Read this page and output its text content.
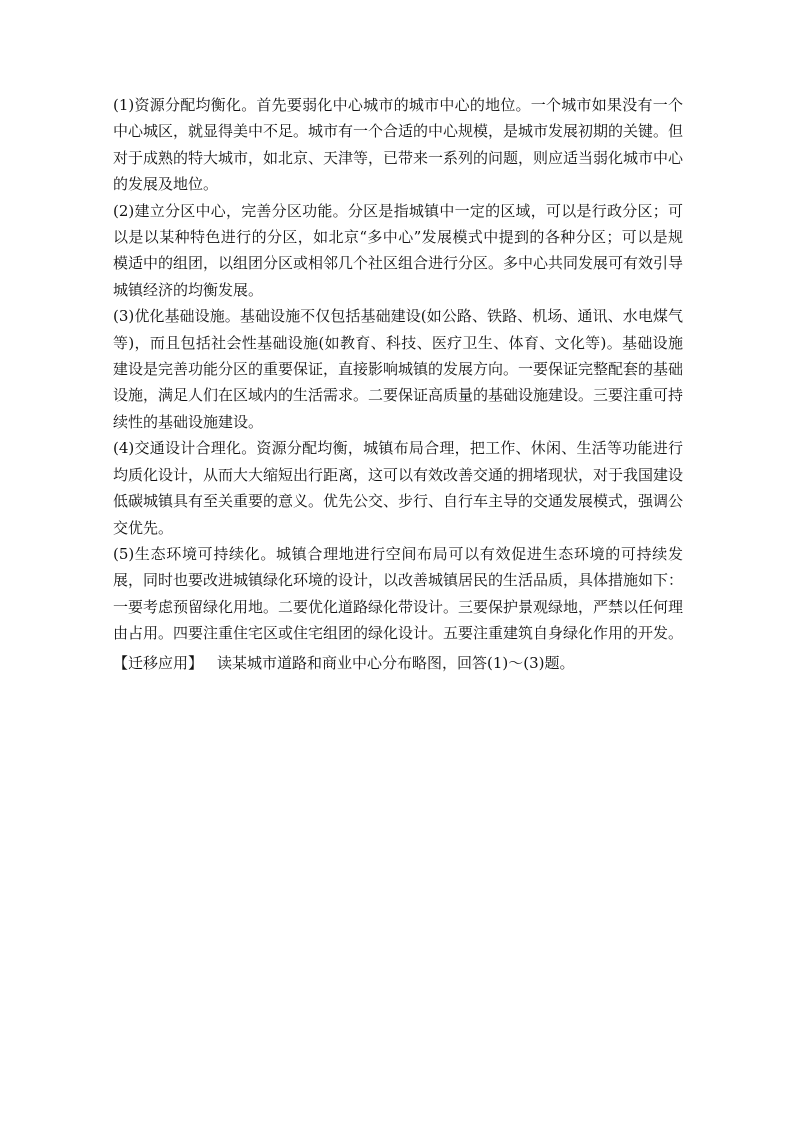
(1)资源分配均衡化。首先要弱化中心城市的城市中心的地位。一个城市如果没有一个中心城区，就显得美中不足。城市有一个合适的中心规模，是城市发展初期的关键。但对于成熟的特大城市，如北京、天津等，已带来一系列的问题，则应适当弱化城市中心的发展及地位。

(2)建立分区中心，完善分区功能。分区是指城镇中一定的区域，可以是行政分区；可以是以某种特色进行的分区，如北京“多中心”发展模式中提到的各种分区；可以是规模适中的组团，以组团分区或相邻几个社区组合进行分区。多中心共同发展可有效引导城镇经济的均衡发展。

(3)优化基础设施。基础设施不仅包括基础建设(如公路、铁路、机场、通讯、水电煤气等)，而且包括社会性基础设施(如教育、科技、医疗卫生、体育、文化等)。基础设施建设是完善功能分区的重要保证，直接影响城镇的发展方向。一要保证完整配套的基础设施，满足人们在区域内的生活需求。二要保证高质量的基础设施建设。三要注重可持续性的基础设施建设。

(4)交通设计合理化。资源分配均衡，城镇布局合理，把工作、休闲、生活等功能进行均质化设计，从而大大缩短出行距离，这可以有效改善交通的拥堵现状，对于我国建设低碳城镇具有至关重要的意义。优先公交、步行、自行车主导的交通发展模式，强调公交优先。

(5)生态环境可持续化。城镇合理地进行空间布局可以有效促进生态环境的可持续发展，同时也要改进城镇绿化环境的设计，以改善城镇居民的生活品质，具体措施如下：一要考虑预留绿化用地。二要优化道路绿化带设计。三要保护景观绿地，严禁以任何理由占用。四要注重住宅区或住宅组团的绿化设计。五要注重建筑自身绿化作用的开发。

【迁移应用】 读某城市道路和商业中心分布略图，回答(1)～(3)题。
